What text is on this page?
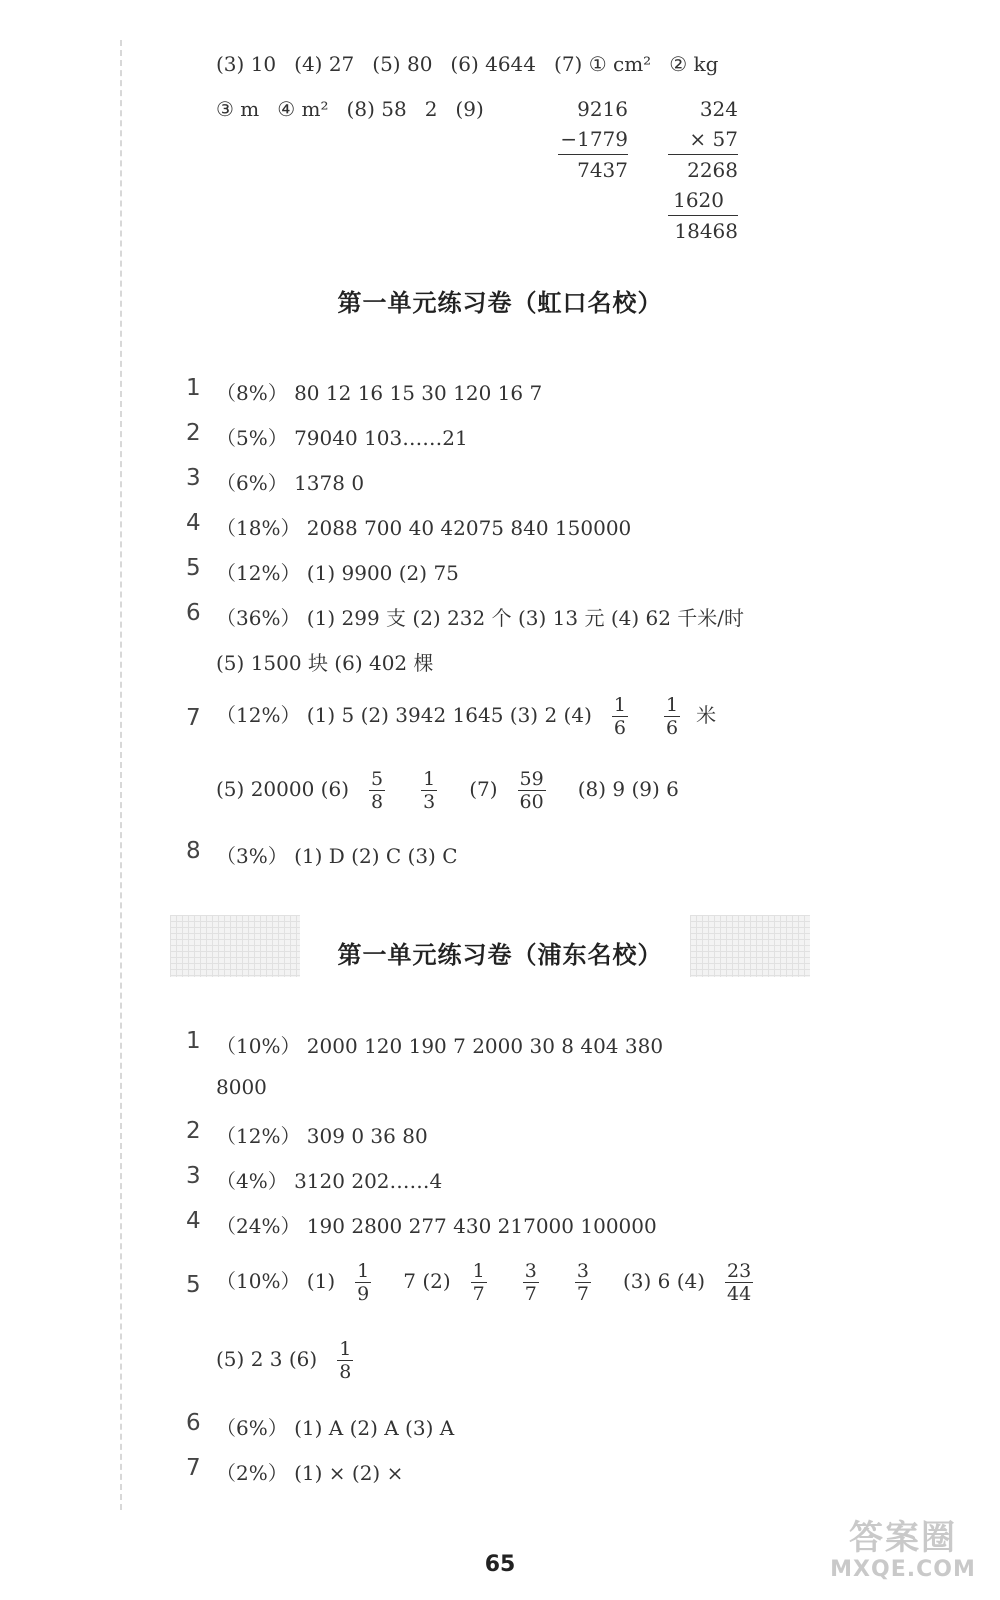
(3) 10 (4) 27 (5) 80 (6) 4644 (7) ① cm² ② kg
③ m ④ m² (8) 58 2 (9)	9216
−1779
7437
324
× 57
2268
1620
18468
第一单元练习卷（虹口名校）
1 （8%） 80 12 16 15 30 120 16 7
2 （5%） 79040 103……21
3 （6%） 1378 0
4 （18%） 2088 700 40 42075 840 150000
5 （12%） (1) 9900 (2) 75
6 （36%） (1) 299 支 (2) 232 个 (3) 13 元 (4) 62 千米/时
(5) 1500 块 (6) 402 棵
7 （12%） (1) 5 (2) 3942 1645 (3) 2 $(4) \frac{1}{6} \frac{1}{6}$ 米
(5) 20000 $(6) \frac{5}{8} \frac{1}{3} (7) \frac{59}{60} (8)$ 9 (9) 6
8 （3%） (1) D (2) C (3) C
第一单元练习卷（浦东名校）
1 （10%） 2000 120 190 7 2000 30 8 404 380
8000
2 （12%） 309 0 36 80
3 （4%） 3120 202……4
4 （24%） 190 2800 277 430 217000 100000
5 （10%） $(1) \frac{1}{9} 7$ $(2) \frac{1}{7} \frac{3}{7} \frac{3}{7} (3)$ 6 $(4) \frac{23}{44}$
(5) 2 3 $(6) \frac{1}{8}$
6 （6%） (1) A (2) A (3) A
7 （2%） (1) × (2) ×
65
答案圈
MXQE.COM
